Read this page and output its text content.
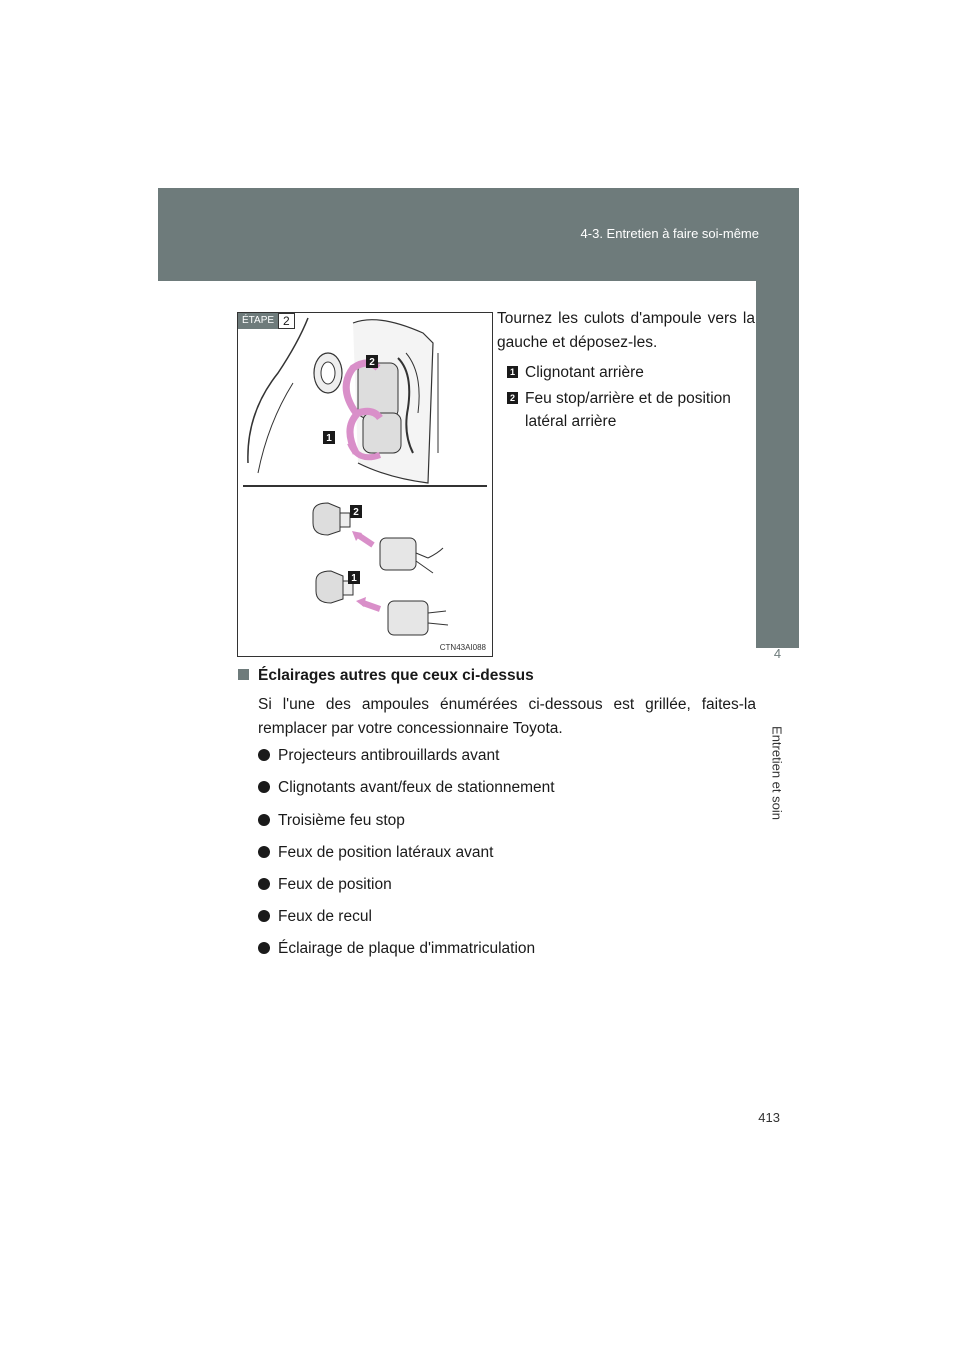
4-3. Entretien à faire soi-même
4
Entretien et soin
ÉTAPE 2
2
1
2
1
CTN43AI088
Tournez les culots d'ampoule vers la gauche et déposez-les.
1 Clignotant arrière
2 Feu stop/arrière et de position latéral arrière
Éclairages autres que ceux ci-dessus
Si l'une des ampoules énumérées ci-dessous est grillée, faites-la remplacer par votre concessionnaire Toyota.
Projecteurs antibrouillards avant
Clignotants avant/feux de stationnement
Troisième feu stop
Feux de position latéraux avant
Feux de position
Feux de recul
Éclairage de plaque d'immatriculation
413
